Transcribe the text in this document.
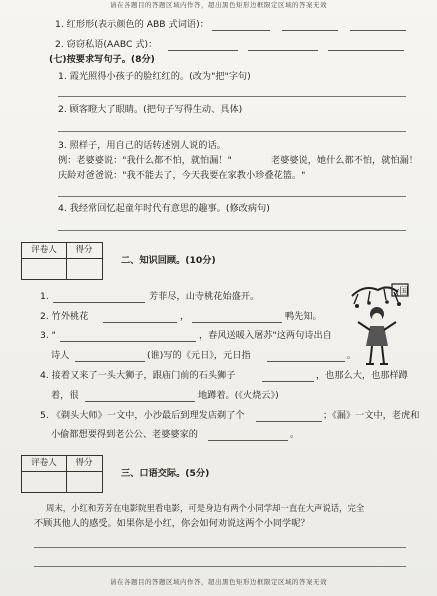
请在各题目的答题区域内作答，超出黑色矩形边框限定区域的答案无效
1. 红形形(表示颜色的 ABB 式词语)：
2. 窃窃私语(AABC 式)：
(七)按要求写句子。(8分)
1. 霞光照得小孩子的脸红红的。(改为"把"字句)
2. 顾客瞪大了眼睛。(把句子写得生动、具体)
3. 照样子，用自己的话转述别人说的话。
例：老婆婆说："我什么都不怕，就怕漏！"	老婆婆说，她什么都不怕，就怕漏！
庆龄对爸爸说："我不能去了，今天我要在家教小珍叠花篮。"
4. 我经常回忆起童年时代有意思的趣事。(修改病句)
评卷人	得分
二、知识回顾。(10分)
1.	芳菲尽，山寺桃花始盛开。
2. 竹外桃花	，	鸭先知。
3. "	，春风送暖入屠苏"这两句诗出自
诗人	(谁)写的《元日》，元日指	。
4. 接着又来了一头大狮子，跟庙门前的石头狮子	，也那么大，也那样蹲
着，很	地蹲着。(《火烧云》)
5. 《剃头大师》一文中，小沙最后到理发店剃了个	；《漏》一文中，老虎和
小偷都想要得到老公公、老婆婆家的	。
ɣ国
评卷人	得分
三、口语交际。(5分)
周末，小红和芳芳在电影院里看电影，可是身边有两个小同学却一直在大声说话，完全
不顾其他人的感受。如果你是小红，你会如何劝说这两个小同学呢？
请在各题目的答题区域内作答，超出黑色矩形边框限定区域的答案无效
